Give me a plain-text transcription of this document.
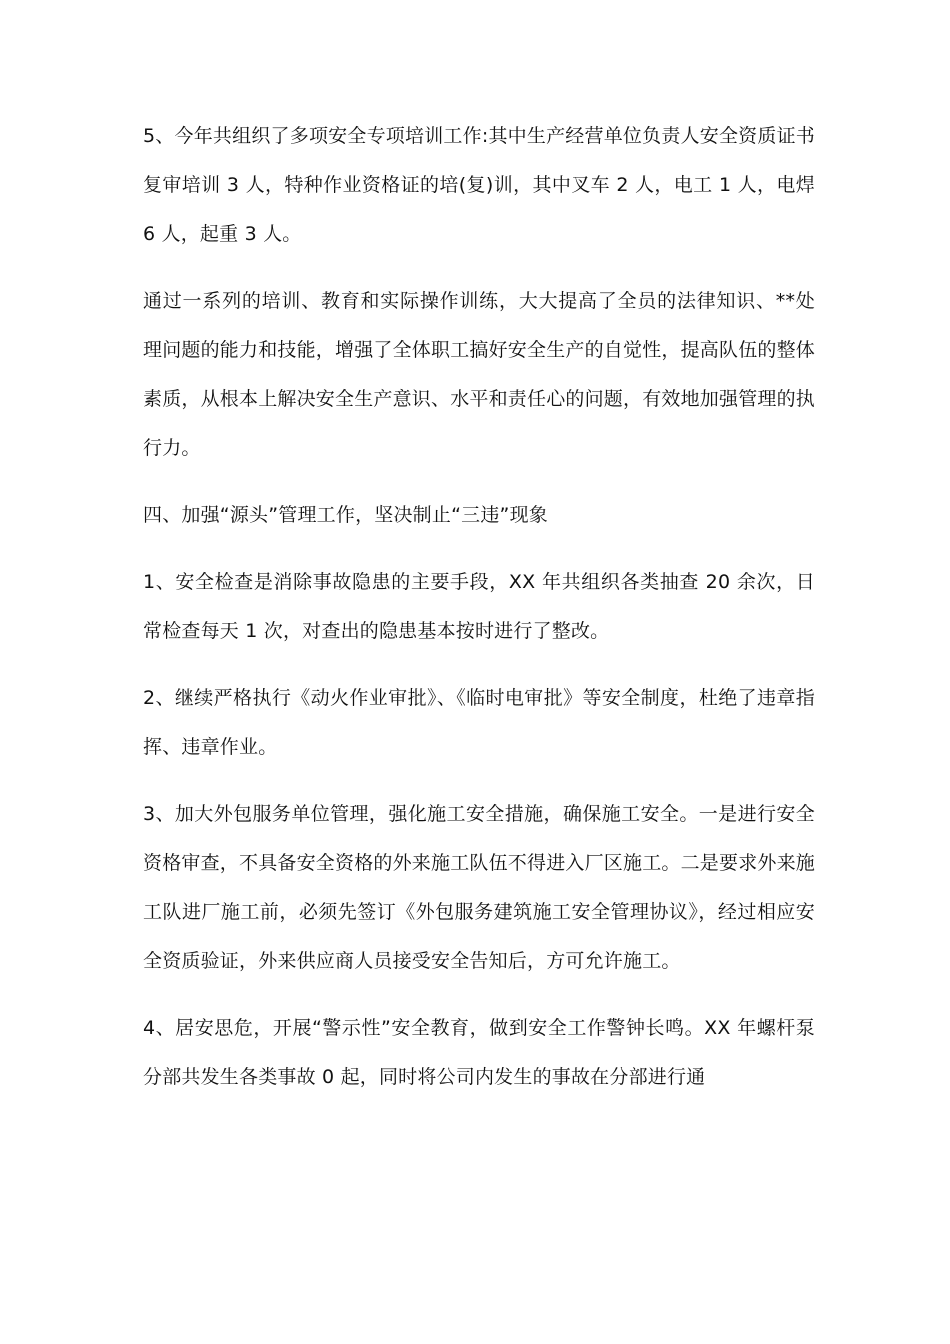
5、今年共组织了多项安全专项培训工作:其中生产经营单位负责人安全资质证书复审培训 3 人，特种作业资格证的培(复)训，其中叉车 2 人，电工 1 人，电焊 6 人，起重 3 人。

通过一系列的培训、教育和实际操作训练，大大提高了全员的法律知识、**处理问题的能力和技能，增强了全体职工搞好安全生产的自觉性，提高队伍的整体素质，从根本上解决安全生产意识、水平和责任心的问题，有效地加强管理的执行力。

四、加强“源头”管理工作，坚决制止“三违”现象

1、安全检查是消除事故隐患的主要手段，XX 年共组织各类抽查 20 余次，日常检查每天 1 次，对查出的隐患基本按时进行了整改。

2、继续严格执行《动火作业审批》、《临时电审批》等安全制度，杜绝了违章指挥、违章作业。

3、加大外包服务单位管理，强化施工安全措施，确保施工安全。一是进行安全资格审查，不具备安全资格的外来施工队伍不得进入厂区施工。二是要求外来施工队进厂施工前，必须先签订《外包服务建筑施工安全管理协议》，经过相应安全资质验证，外来供应商人员接受安全告知后，方可允许施工。

4、居安思危，开展“警示性”安全教育，做到安全工作警钟长鸣。XX 年螺杆泵分部共发生各类事故 0 起，同时将公司内发生的事故在分部进行通
